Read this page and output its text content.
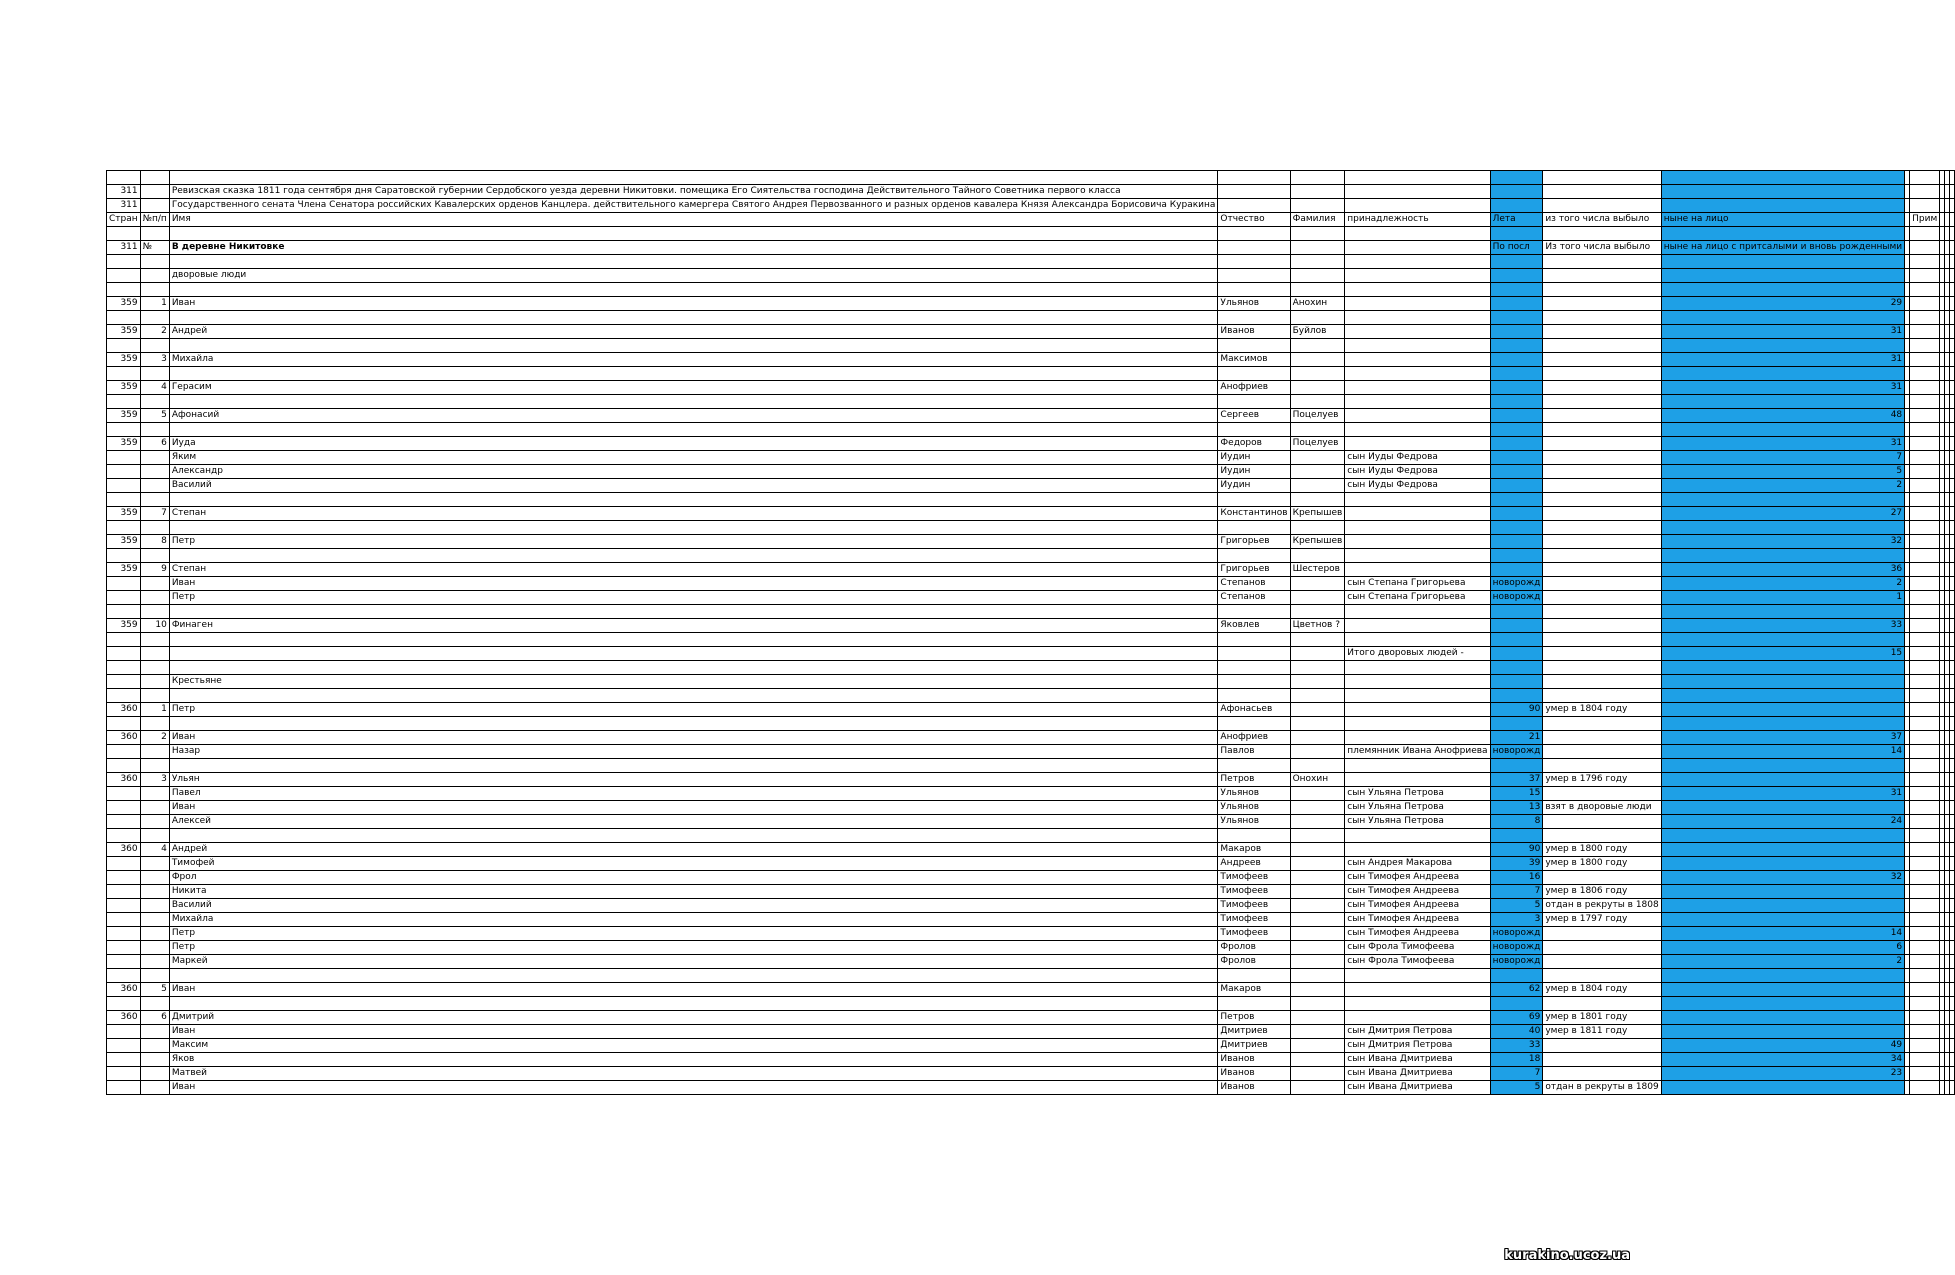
311		Ревизская сказка 1811 года сентября дня Саратовской губернии Сердобского уезда деревни Никитовки. помещика Его Сиятельства господина Действительного Тайного Советника первого класса											
311		Государственного сената Члена Сенатора российских Кавалерских орденов Канцлера. действительного камергера Святого Андрея Первозванного и разных орденов кавалера Князя Александра Борисовича Куракина											
Стран	№п/п	Имя	Отчество	Фамилия	принадлежность	Лета	из того числа выбыло	ныне на лицо		Прим			

311	№	В деревне Никитовке				По посл	Из того числа выбыло	ныне на лицо с притсалыми и вновь рожденными					

		дворовые люди											

359	1	Иван	Ульянов	Анохин				29					

359	2	Андрей	Иванов	Буйлов				31					

359	3	Михайла	Максимов					31					

359	4	Герасим	Анофриев					31					

359	5	Афонасий	Сергеев	Поцелуев				48					

359	6	Иуда	Федоров	Поцелуев				31					
		Яким	Иудин		сын Иуды Федрова			7					
		Александр	Иудин		сын Иуды Федрова			5					
		Василий	Иудин		сын Иуды Федрова			2					

359	7	Степан	Константинов	Крепышев				27					

359	8	Петр	Григорьев	Крепышев				32					

359	9	Степан	Григорьев	Шестеров				36					
		Иван	Степанов		сын Степана Григорьева	новорожд		2					
		Петр	Степанов		сын Степана Григорьева	новорожд		1					

359	10	Финаген	Яковлев	Цветнов ?				33					

					Итого дворовых людей -			15					

		Крестьяне											

360	1	Петр	Афонасьев			90	умер в 1804 году						

360	2	Иван	Анофриев			21		37					
		Назар	Павлов		племянник Ивана Анофриева	новорожд		14					

360	3	Ульян	Петров	Онохин		37	умер в 1796 году						
		Павел	Ульянов		сын Ульяна Петрова	15		31					
		Иван	Ульянов		сын Ульяна Петрова	13	взят в дворовые люди						
		Алексей	Ульянов		сын Ульяна Петрова	8		24					

360	4	Андрей	Макаров			90	умер в 1800 году						
		Тимофей	Андреев		сын Андрея Макарова	39	умер в 1800 году						
		Фрол	Тимофеев		сын Тимофея Андреева	16		32					
		Никита	Тимофеев		сын Тимофея Андреева	7	умер в 1806 году						
		Василий	Тимофеев		сын Тимофея Андреева	5	отдан в рекруты в 1808						
		Михайла	Тимофеев		сын Тимофея Андреева	3	умер в 1797 году						
		Петр	Тимофеев		сын Тимофея Андреева	новорожд		14					
		Петр	Фролов		сын Фрола Тимофеева	новорожд		6					
		Маркей	Фролов		сын Фрола Тимофеева	новорожд		2					

360	5	Иван	Макаров			62	умер в 1804 году						

360	6	Дмитрий	Петров			69	умер в 1801 году						
		Иван	Дмитриев		сын Дмитрия Петрова	40	умер в 1811 году						
		Максим	Дмитриев		сын Дмитрия Петрова	33		49					
		Яков	Иванов		сын Ивана Дмитриева	18		34					
		Матвей	Иванов		сын Ивана Дмитриева	7		23					
		Иван	Иванов		сын Ивана Дмитриева	5	отдан в рекруты в 1809						
kurakino.ucoz.ua
